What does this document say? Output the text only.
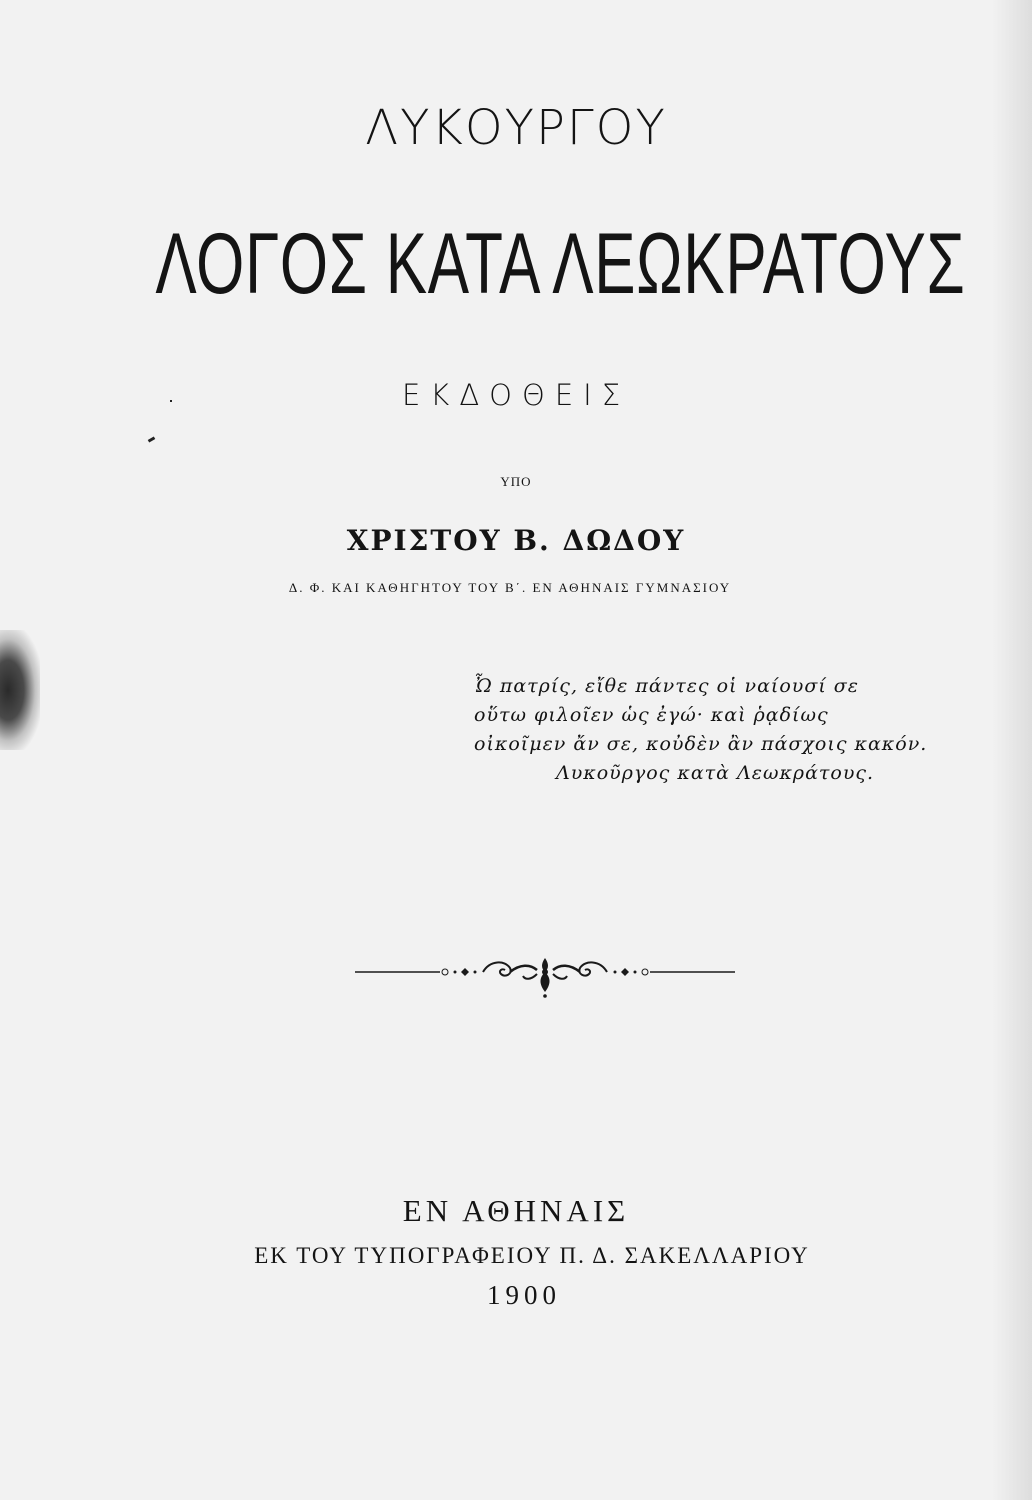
ΛΥΚΟΥΡΓΟΥ
ΛΟΓΟΣ ΚΑΤΑ ΛΕΩΚΡΑΤΟΥΣ
ΕΚΔΟΘΕΙΣ
ΥΠΟ
ΧΡΙΣΤΟΥ Β. ΔΩΔΟΥ
Δ. Φ. ΚΑΙ ΚΑΘΗΓΗΤΟΥ ΤΟΥ Β΄. ΕΝ ΑΘΗΝΑΙΣ ΓΥΜΝΑΣΙΟΥ
Ὦ πατρίς, εἴθε πάντες οἱ ναίουσί σε
οὕτω φιλοῖεν ὡς ἐγώ· καὶ ῥᾳδίως
οἰκοῖμεν ἄν σε, κοὐδὲν ἂν πάσχοις κακόν.
Λυκοῦργος κατὰ Λεωκράτους.
ΕΝ ΑΘΗΝΑΙΣ
ΕΚ ΤΟΥ ΤΥΠΟΓΡΑΦΕΙΟΥ Π. Δ. ΣΑΚΕΛΛΑΡΙΟΥ
1900
